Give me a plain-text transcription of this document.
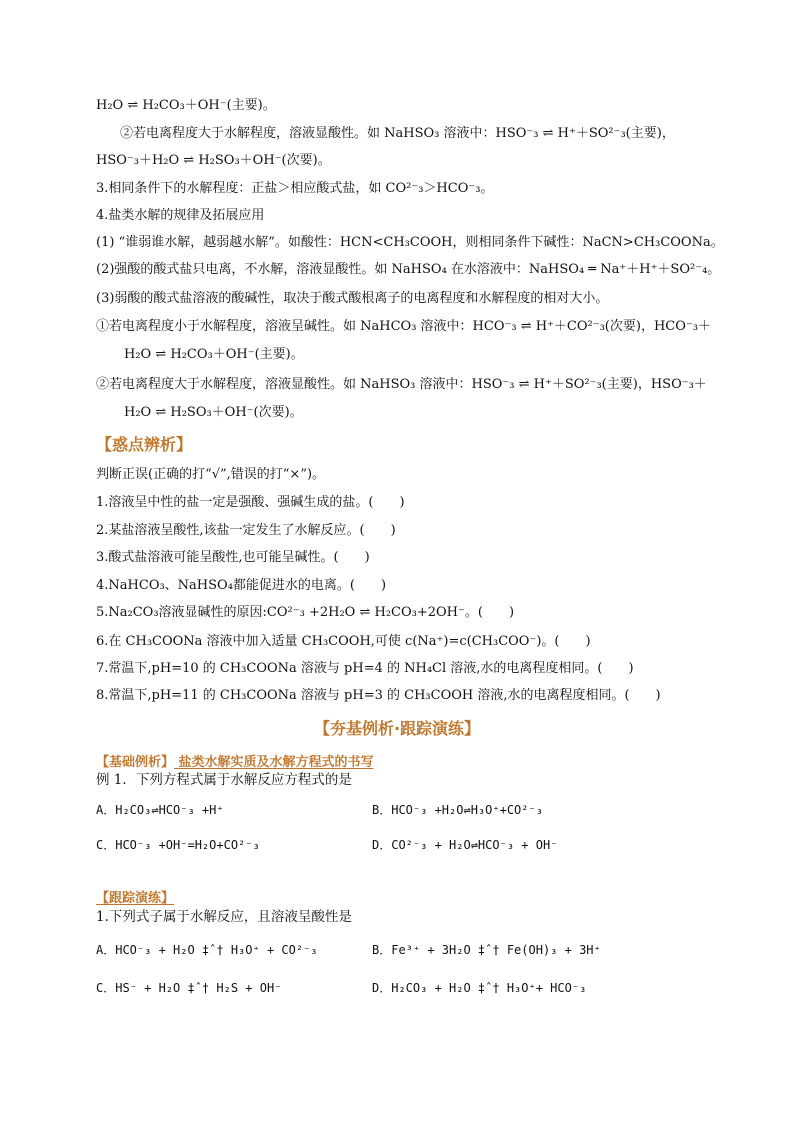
H₂O ⇌ H₂CO₃＋OH⁻(主要)。
②若电离程度大于水解程度，溶液显酸性。如 NaHSO₃ 溶液中：HSO⁻₃ ⇌ H⁺＋SO²⁻₃(主要)，
HSO⁻₃＋H₂O ⇌ H₂SO₃＋OH⁻(次要)。
3.相同条件下的水解程度：正盐＞相应酸式盐，如 CO²⁻₃＞HCO⁻₃。
4.盐类水解的规律及拓展应用
(1) “谁弱谁水解，越弱越水解”。如酸性：HCN<CH₃COOH，则相同条件下碱性：NaCN>CH₃COONa。
(2)强酸的酸式盐只电离，不水解，溶液显酸性。如 NaHSO₄ 在水溶液中：NaHSO₄ ═ Na⁺＋H⁺＋SO²⁻₄。
(3)弱酸的酸式盐溶液的酸碱性，取决于酸式酸根离子的电离程度和水解程度的相对大小。
①若电离程度小于水解程度，溶液呈碱性。如 NaHCO₃ 溶液中：HCO⁻₃ ⇌ H⁺＋CO²⁻₃(次要)，HCO⁻₃＋
H₂O ⇌ H₂CO₃＋OH⁻(主要)。
②若电离程度大于水解程度，溶液显酸性。如 NaHSO₃ 溶液中：HSO⁻₃ ⇌ H⁺＋SO²⁻₃(主要)，HSO⁻₃＋
H₂O ⇌ H₂SO₃＋OH⁻(次要)。
【惑点辨析】
判断正误(正确的打“√”,错误的打“×”)。
1.溶液呈中性的盐一定是强酸、强碱生成的盐。(　　)
2.某盐溶液呈酸性,该盐一定发生了水解反应。(　　)
3.酸式盐溶液可能呈酸性,也可能呈碱性。(　　)
4.NaHCO₃、NaHSO₄都能促进水的电离。(　　)
5.Na₂CO₃溶液显碱性的原因:CO²⁻₃ +2H₂O ⇌ H₂CO₃+2OH⁻。(　　)
6.在 CH₃COONa 溶液中加入适量 CH₃COOH,可使 c(Na⁺)=c(CH₃COO⁻)。(　　)
7.常温下,pH=10 的 CH₃COONa 溶液与 pH=4 的 NH₄Cl 溶液,水的电离程度相同。(　　)
8.常温下,pH=11 的 CH₃COONa 溶液与 pH=3 的 CH₃COOH 溶液,水的电离程度相同。(　　)
【夯基例析·跟踪演练】
【基础例析】 盐类水解实质及水解方程式的书写
例 1．下列方程式属于水解反应方程式的是
A．H₂CO₃⇌HCO⁻₃ +H⁺	B．HCO⁻₃ +H₂O⇌H₃O⁺+CO²⁻₃
C．HCO⁻₃ +OH⁻=H₂O+CO²⁻₃	D．CO²⁻₃ + H₂O⇌HCO⁻₃ + OH⁻
【跟踪演练】
1.下列式子属于水解反应，且溶液呈酸性是
A．HCO⁻₃ + H₂O ‡ˆ† H₃O⁺ + CO²⁻₃	B．Fe³⁺ + 3H₂O ‡ˆ† Fe(OH)₃ + 3H⁺
C．HS⁻ + H₂O ‡ˆ† H₂S + OH⁻	D．H₂CO₃ + H₂O ‡ˆ† H₃O⁺+ HCO⁻₃
